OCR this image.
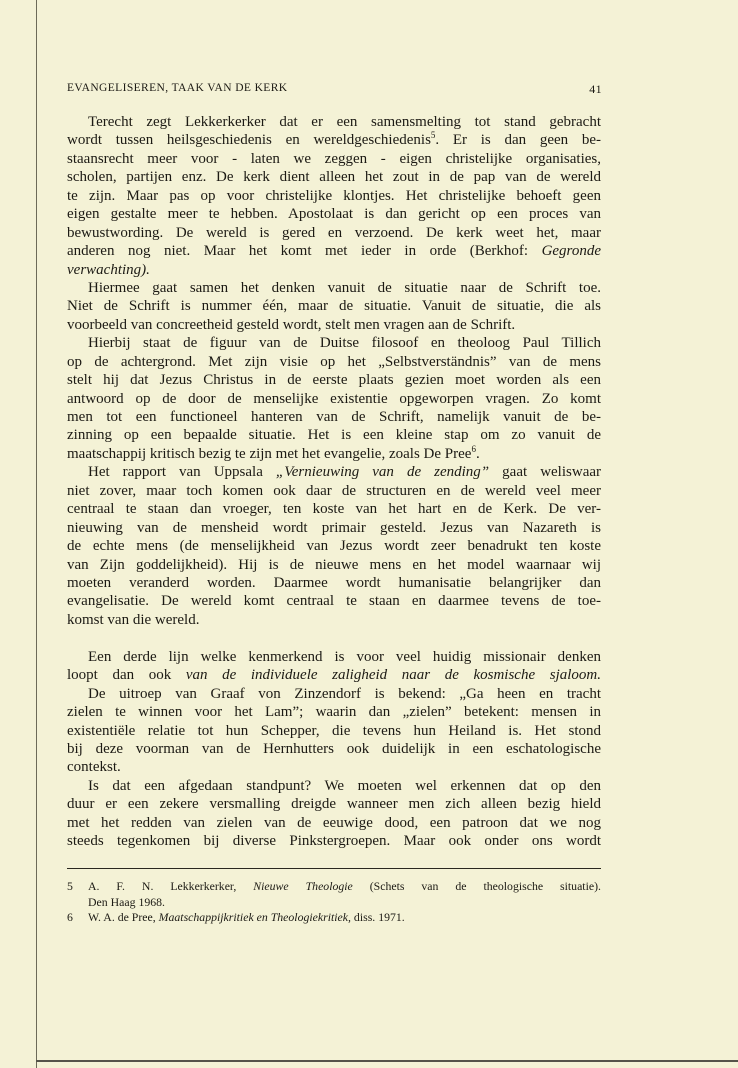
EVANGELISEREN, TAAK VAN DE KERK	41
Terecht zegt Lekkerkerker dat er een samensmelting tot stand gebracht
wordt tussen heilsgeschiedenis en wereldgeschiedenis$^5$. Er is dan geen be-
staansrecht meer voor - laten we zeggen - eigen christelijke organisaties,
scholen, partijen enz. De kerk dient alleen het zout in de pap van de wereld
te zijn. Maar pas op voor christelijke klontjes. Het christelijke behoeft geen
eigen gestalte meer te hebben. Apostolaat is dan gericht op een proces van
bewustwording. De wereld is gered en verzoend. De kerk weet het, maar
anderen nog niet. Maar het komt met ieder in orde (Berkhof: Gegronde
verwachting).
Hiermee gaat samen het denken vanuit de situatie naar de Schrift toe.
Niet de Schrift is nummer één, maar de situatie. Vanuit de situatie, die als
voorbeeld van concreetheid gesteld wordt, stelt men vragen aan de Schrift.
Hierbij staat de figuur van de Duitse filosoof en theoloog Paul Tillich
op de achtergrond. Met zijn visie op het „Selbstverständnis” van de mens
stelt hij dat Jezus Christus in de eerste plaats gezien moet worden als een
antwoord op de door de menselijke existentie opgeworpen vragen. Zo komt
men tot een functioneel hanteren van de Schrift, namelijk vanuit de be-
zinning op een bepaalde situatie. Het is een kleine stap om zo vanuit de
maatschappij kritisch bezig te zijn met het evangelie, zoals De Pree$^6$.
Het rapport van Uppsala „Vernieuwing van de zending” gaat weliswaar
niet zover, maar toch komen ook daar de structuren en de wereld veel meer
centraal te staan dan vroeger, ten koste van het hart en de Kerk. De ver-
nieuwing van de mensheid wordt primair gesteld. Jezus van Nazareth is
de echte mens (de menselijkheid van Jezus wordt zeer benadrukt ten koste
van Zijn goddelijkheid). Hij is de nieuwe mens en het model waarnaar wij
moeten veranderd worden. Daarmee wordt humanisatie belangrijker dan
evangelisatie. De wereld komt centraal te staan en daarmee tevens de toe-
komst van die wereld.
Een derde lijn welke kenmerkend is voor veel huidig missionair denken
loopt dan ook van de individuele zaligheid naar de kosmische sjaloom.
De uitroep van Graaf von Zinzendorf is bekend: „Ga heen en tracht
zielen te winnen voor het Lam”; waarin dan „zielen” betekent: mensen in
existentiële relatie tot hun Schepper, die tevens hun Heiland is. Het stond
bij deze voorman van de Hernhutters ook duidelijk in een eschatologische
contekst.
Is dat een afgedaan standpunt? We moeten wel erkennen dat op den
duur er een zekere versmalling dreigde wanneer men zich alleen bezig hield
met het redden van zielen van de eeuwige dood, een patroon dat we nog
steeds tegenkomen bij diverse Pinkstergroepen. Maar ook onder ons wordt
5 A. F. N. Lekkerkerker, Nieuwe Theologie (Schets van de theologische situatie).
Den Haag 1968.
6 W. A. de Pree, Maatschappijkritiek en Theologiekritiek, diss. 1971.
